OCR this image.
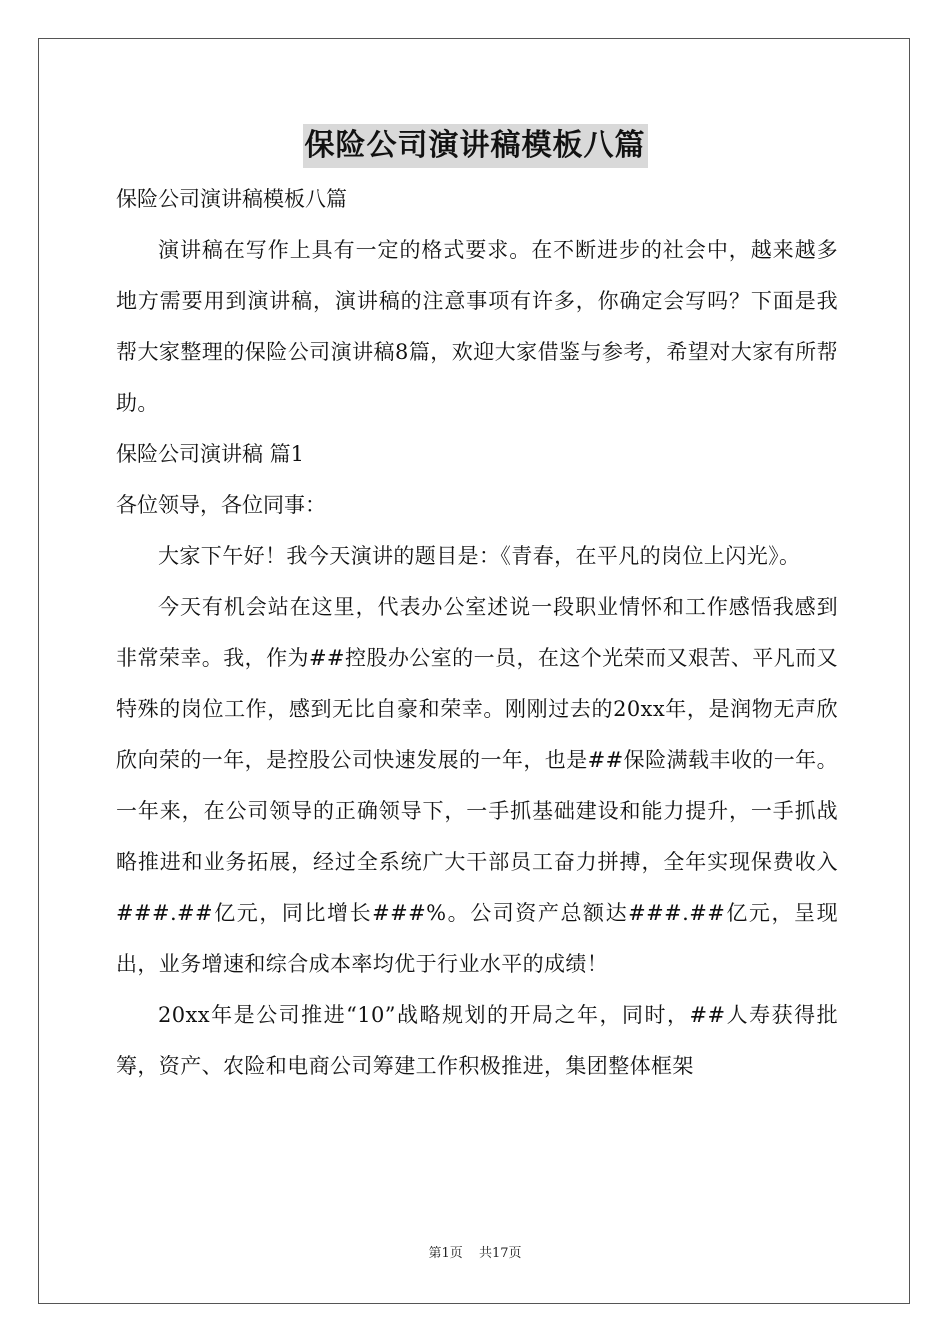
保险公司演讲稿模板八篇
保险公司演讲稿模板八篇

演讲稿在写作上具有一定的格式要求。在不断进步的社会中，越来越多地方需要用到演讲稿，演讲稿的注意事项有许多，你确定会写吗？下面是我帮大家整理的保险公司演讲稿8篇，欢迎大家借鉴与参考，希望对大家有所帮助。

保险公司演讲稿 篇1
各位领导，各位同事：

大家下午好！我今天演讲的题目是：《青春，在平凡的岗位上闪光》。

今天有机会站在这里，代表办公室述说一段职业情怀和工作感悟我感到非常荣幸。我，作为##控股办公室的一员，在这个光荣而又艰苦、平凡而又特殊的岗位工作，感到无比自豪和荣幸。刚刚过去的20xx年，是润物无声欣欣向荣的一年，是控股公司快速发展的一年，也是##保险满载丰收的一年。一年来，在公司领导的正确领导下，一手抓基础建设和能力提升，一手抓战略推进和业务拓展，经过全系统广大干部员工奋力拼搏，全年实现保费收入###.##亿元，同比增长###%。公司资产总额达###.##亿元，呈现出，业务增速和综合成本率均优于行业水平的成绩！

20xx年是公司推进“10”战略规划的开局之年，同时，##人寿获得批筹，资产、农险和电商公司筹建工作积极推进，集团整体框架

第1页 共17页
